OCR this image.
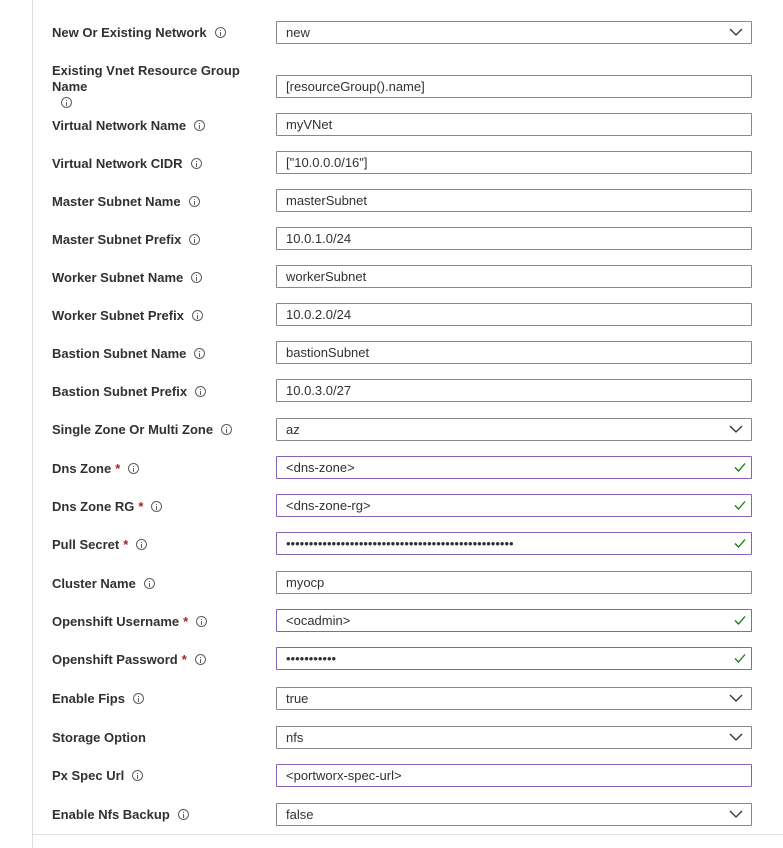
New Or Existing Network	new
Existing Vnet Resource Group Name	[resourceGroup().name]
Virtual Network Name	myVNet
Virtual Network CIDR	["10.0.0.0/16"]
Master Subnet Name	masterSubnet
Master Subnet Prefix	10.0.1.0/24
Worker Subnet Name	workerSubnet
Worker Subnet Prefix	10.0.2.0/24
Bastion Subnet Name	bastionSubnet
Bastion Subnet Prefix	10.0.3.0/27
Single Zone Or Multi Zone	az
Dns Zone *	<dns-zone>
Dns Zone RG *	<dns-zone-rg>
Pull Secret *	••••••••••••••••••••••••••••••••••••••••••••••••••
Cluster Name	myocp
Openshift Username *	<ocadmin>
Openshift Password *	•••••••••••
Enable Fips	true
Storage Option	nfs
Px Spec Url	<portworx-spec-url>
Enable Nfs Backup	false
